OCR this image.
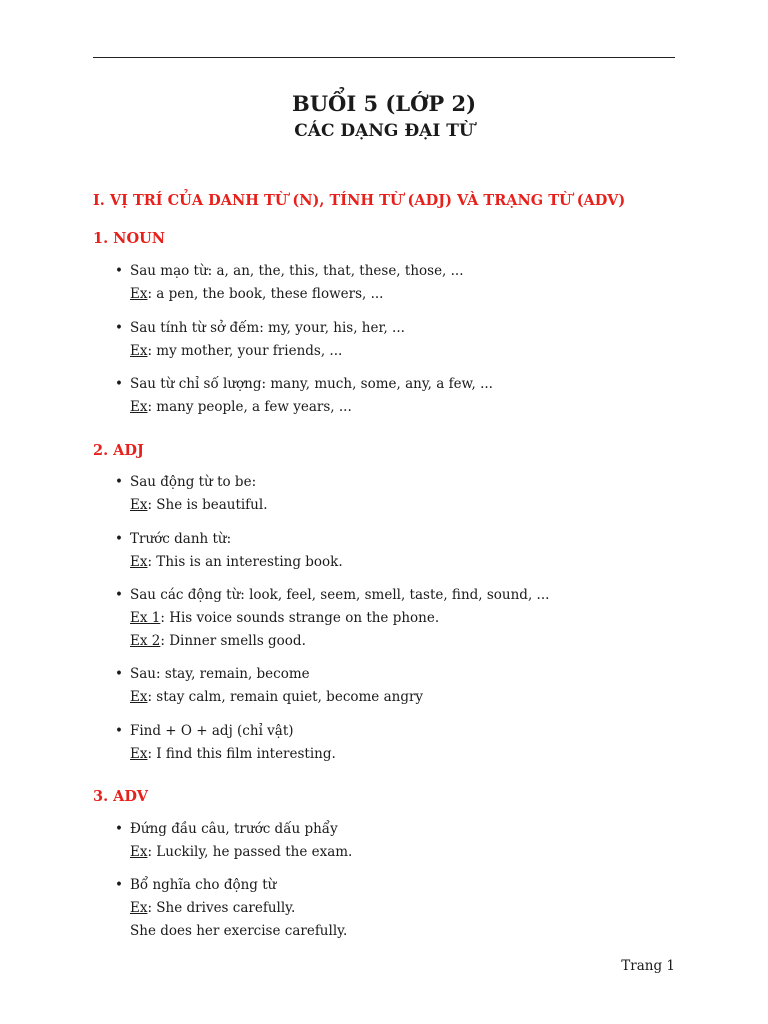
BUỔI 5 (LỚP 2)
CÁC DẠNG ĐẠI TỪ
I. VỊ TRÍ CỦA DANH TỪ (N), TÍNH TỪ (ADJ) VÀ TRẠNG TỪ (ADV)
1. NOUN
• Sau mạo từ: a, an, the, this, that, these, those, ...
Ex: a pen, the book, these flowers, ...
• Sau tính từ sở đếm: my, your, his, her, ...
Ex: my mother, your friends, ...
• Sau từ chỉ số lượng: many, much, some, any, a few, ...
Ex: many people, a few years, ...
2. ADJ
• Sau động từ to be:
Ex: She is beautiful.
• Trước danh từ:
Ex: This is an interesting book.
• Sau các động từ: look, feel, seem, smell, taste, find, sound, ...
Ex 1: His voice sounds strange on the phone.
Ex 2: Dinner smells good.
• Sau: stay, remain, become
Ex: stay calm, remain quiet, become angry
• Find + O + adj (chỉ vật)
Ex: I find this film interesting.
3. ADV
• Đứng đầu câu, trước dấu phẩy
Ex: Luckily, he passed the exam.
• Bổ nghĩa cho động từ
Ex: She drives carefully.
She does her exercise carefully.
Trang 1
